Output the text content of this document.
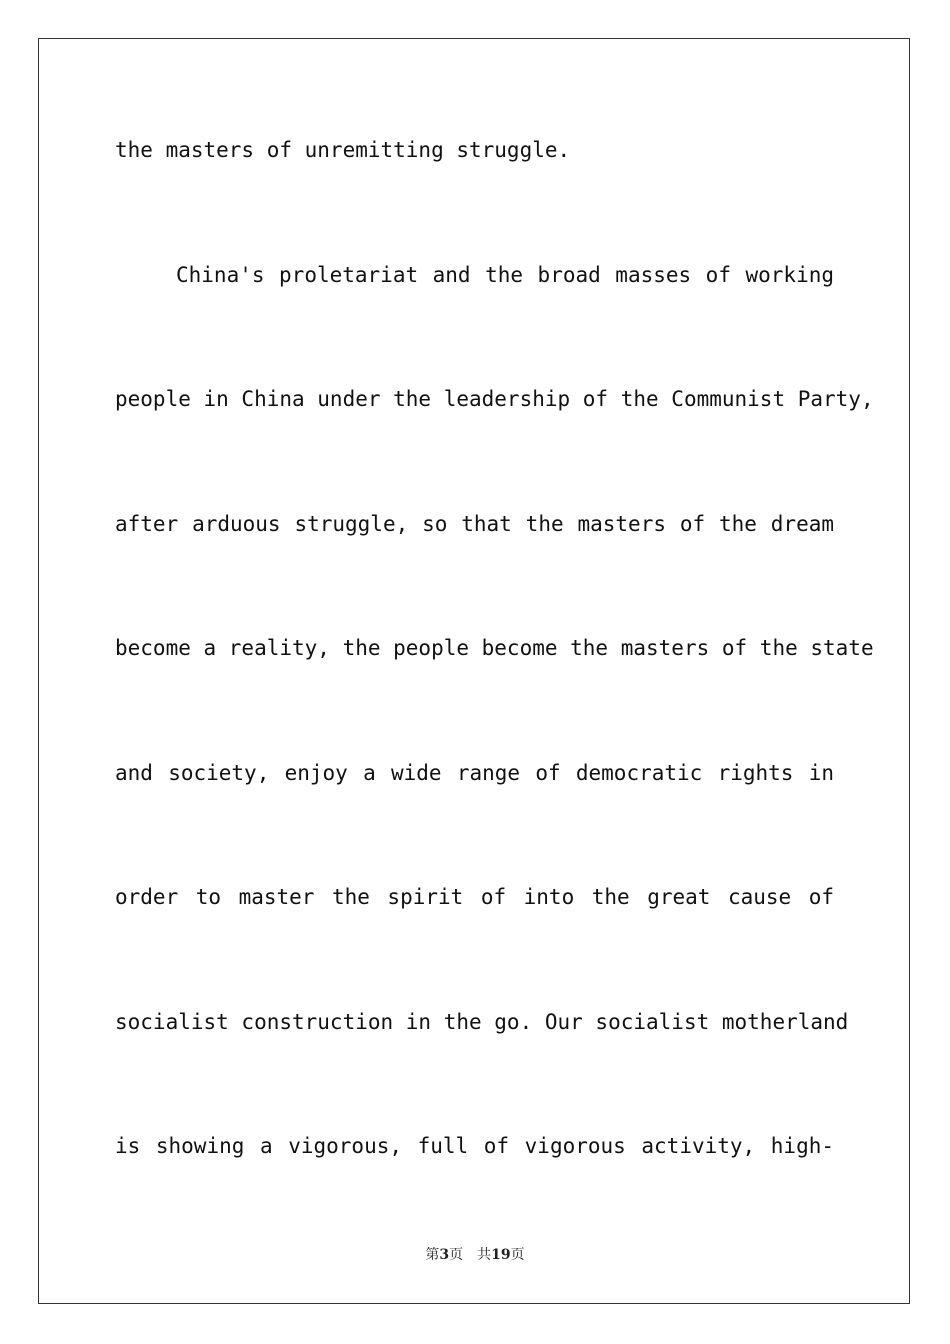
the masters of unremitting struggle.
China's proletariat and the broad masses of working
people in China under the leadership of the Communist Party,
after arduous struggle, so that the masters of the dream
become a reality, the people become the masters of the state
and society, enjoy a wide range of democratic rights in
order to master the spirit of into the great cause of
socialist construction in the go. Our socialist motherland
is showing a vigorous, full of vigorous activity, high-
第3页 共19页
